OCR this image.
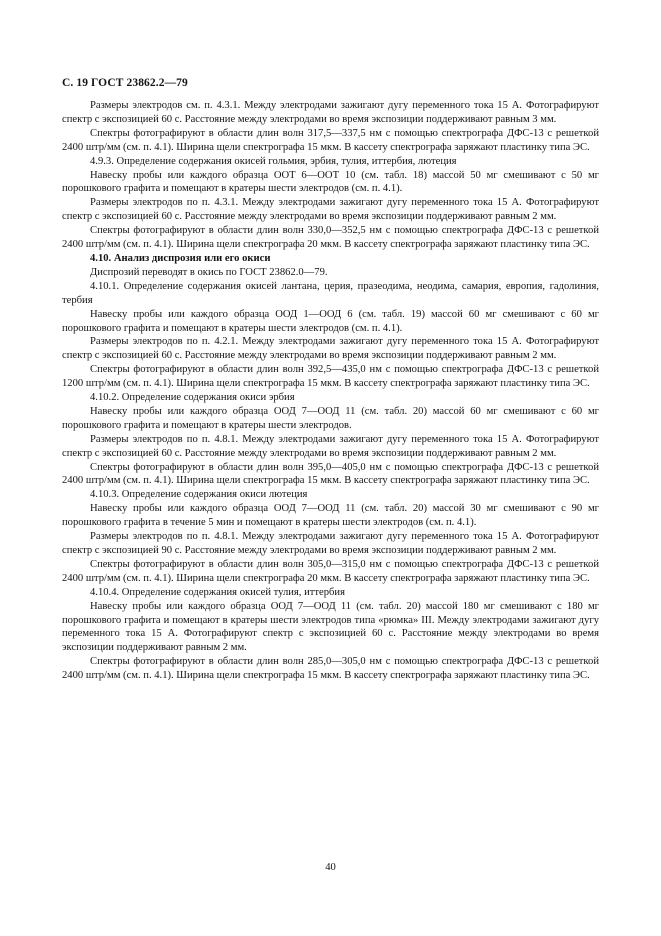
С. 19 ГОСТ 23862.2—79

Размеры электродов см. п. 4.3.1. Между электродами зажигают дугу переменного тока 15 А. Фотографируют спектр с экспозицией 60 с. Расстояние между электродами во время экспозиции поддерживают равным 3 мм.

Спектры фотографируют в области длин волн 317,5—337,5 нм с помощью спектрографа ДФС-13 с решеткой 2400 штр/мм (см. п. 4.1). Ширина щели спектрографа 15 мкм. В кассету спектрографа заряжают пластинку типа ЭС.

4.9.3. Определение содержания окисей гольмия, эрбия, тулия, иттербия, лютеция

Навеску пробы или каждого образца ООТ 6—ООТ 10 (см. табл. 18) массой 50 мг смешивают с 50 мг порошкового графита и помещают в кратеры шести электродов (см. п. 4.1).

Размеры электродов по п. 4.3.1. Между электродами зажигают дугу переменного тока 15 А. Фотографируют спектр с экспозицией 60 с. Расстояние между электродами во время экспозиции поддерживают равным 2 мм.

Спектры фотографируют в области длин волн 330,0—352,5 нм с помощью спектрографа ДФС-13 с решеткой 2400 штр/мм (см. п. 4.1). Ширина щели спектрографа 20 мкм. В кассету спектрографа заряжают пластинку типа ЭС.

4.10. Анализ диспрозия или его окиси

Диспрозий переводят в окись по ГОСТ 23862.0—79.

4.10.1. Определение содержания окисей лантана, церия, празеодима, неодима, самария, европия, гадолиния, тербия

Навеску пробы или каждого образца ООД 1—ООД 6 (см. табл. 19) массой 60 мг смешивают с 60 мг порошкового графита и помещают в кратеры шести электродов (см. п. 4.1).

Размеры электродов по п. 4.2.1. Между электродами зажигают дугу переменного тока 15 А. Фотографируют спектр с экспозицией 60 с. Расстояние между электродами во время экспозиции поддерживают равным 2 мм.

Спектры фотографируют в области длин волн 392,5—435,0 нм с помощью спектрографа ДФС-13 с решеткой 1200 штр/мм (см. п. 4.1). Ширина щели спектрографа 15 мкм. В кассету спектрографа заряжают пластинку типа ЭС.

4.10.2. Определение содержания окиси эрбия

Навеску пробы или каждого образца ООД 7—ООД 11 (см. табл. 20) массой 60 мг смешивают с 60 мг порошкового графита и помещают в кратеры шести электродов.

Размеры электродов по п. 4.8.1. Между электродами зажигают дугу переменного тока 15 А. Фотографируют спектр с экспозицией 60 с. Расстояние между электродами во время экспозиции поддерживают равным 2 мм.

Спектры фотографируют в области длин волн 395,0—405,0 нм с помощью спектрографа ДФС-13 с решеткой 2400 штр/мм (см. п. 4.1). Ширина щели спектрографа 15 мкм. В кассету спектрографа заряжают пластинку типа ЭС.

4.10.3. Определение содержания окиси лютеция

Навеску пробы или каждого образца ООД 7—ООД 11 (см. табл. 20) массой 30 мг смешивают с 90 мг порошкового графита в течение 5 мин и помещают в кратеры шести электродов (см. п. 4.1).

Размеры электродов по п. 4.8.1. Между электродами зажигают дугу переменного тока 15 А. Фотографируют спектр с экспозицией 90 с. Расстояние между электродами во время экспозиции поддерживают равным 2 мм.

Спектры фотографируют в области длин волн 305,0—315,0 нм с помощью спектрографа ДФС-13 с решеткой 2400 штр/мм (см. п. 4.1). Ширина щели спектрографа 20 мкм. В кассету спектрографа заряжают пластинку типа ЭС.

4.10.4. Определение содержания окисей тулия, иттербия

Навеску пробы или каждого образца ООД 7—ООД 11 (см. табл. 20) массой 180 мг смешивают с 180 мг порошкового графита и помещают в кратеры шести электродов типа «рюмка» III. Между электродами зажигают дугу переменного тока 15 А. Фотографируют спектр с экспозицией 60 с. Расстояние между электродами во время экспозиции поддерживают равным 2 мм.

Спектры фотографируют в области длин волн 285,0—305,0 нм с помощью спектрографа ДФС-13 с решеткой 2400 штр/мм (см. п. 4.1). Ширина щели спектрографа 15 мкм. В кассету спектрографа заряжают пластинку типа ЭС.

40
